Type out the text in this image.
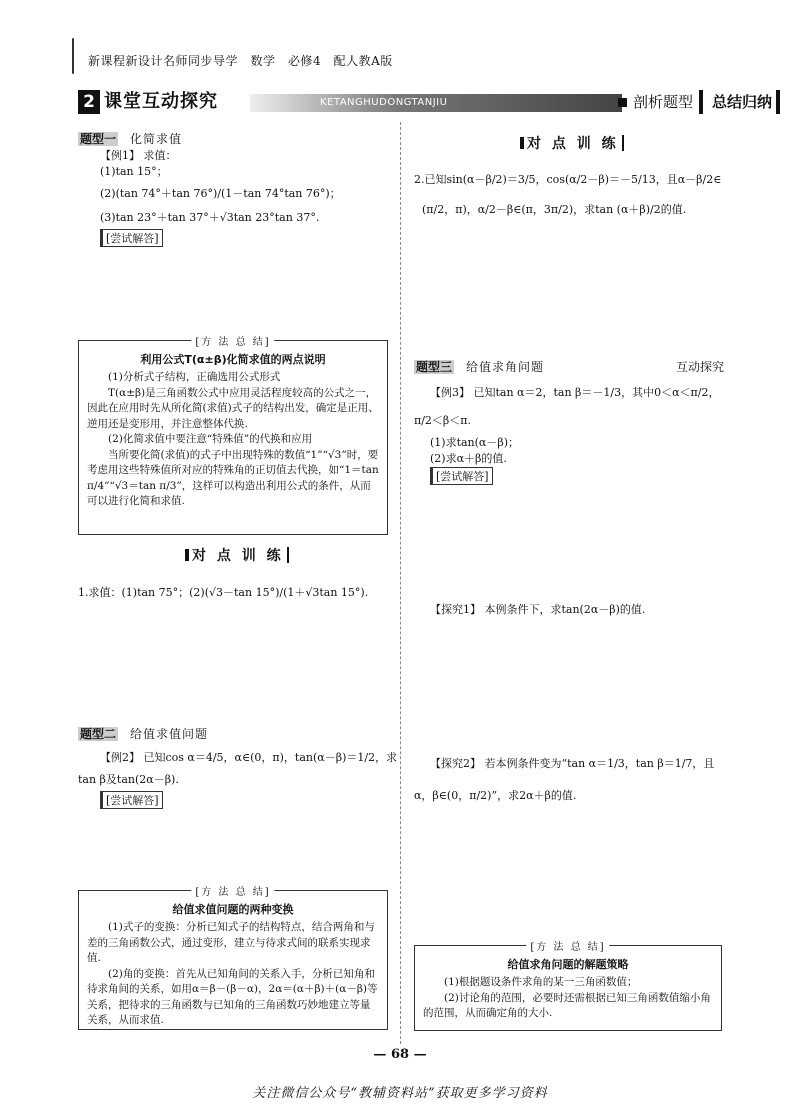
新课程新设计名师同步导学　数学　必修4　配人教A版
2 课堂互动探究	KETANGHUDONGTANJIU	剖析题型	总结归纳
题型一 化简求值
【例1】 求值：
(1)tan 15°；
(2)(tan 74°＋tan 76°)/(1－tan 74°tan 76°)；
(3)tan 23°＋tan 37°＋√3tan 23°tan 37°.
[尝试解答]
[方 法 总 结]
利用公式T(α±β)化简求值的两点说明

(1)分析式子结构，正确选用公式形式

T(α±β)是三角函数公式中应用灵活程度较高的公式之一，因此在应用时先从所化简(求值)式子的结构出发，确定是正用、逆用还是变形用，并注意整体代换.

(2)化简求值中要注意“特殊值”的代换和应用

当所要化简(求值)的式子中出现特殊的数值“1”“√3”时，要考虑用这些特殊值所对应的特殊角的正切值去代换，如“1＝tan π/4”“√3＝tan π/3”，这样可以构造出利用公式的条件，从而可以进行化简和求值.

对 点 训 练
1.求值：(1)tan 75°；(2)(√3－tan 15°)/(1＋√3tan 15°).
题型二 给值求值问题
【例2】 已知cos α＝4/5，α∈(0，π)，tan(α－β)＝1/2，求
tan β及tan(2α－β).
[尝试解答]
[方 法 总 结]
给值求值问题的两种变换

(1)式子的变换：分析已知式子的结构特点，结合两角和与差的三角函数公式，通过变形，建立与待求式间的联系实现求值.

(2)角的变换：首先从已知角间的关系入手，分析已知角和待求角间的关系，如用α＝β－(β－α)，2α＝(α＋β)＋(α－β)等关系，把待求的三角函数与已知角的三角函数巧妙地建立等量关系，从而求值.

对 点 训 练
2.已知sin(α－β/2)＝3/5，cos(α/2－β)＝－5/13，且α－β/2∈
(π/2，π)，α/2－β∈(π，3π/2)，求tan (α＋β)/2的值.
题型三 给值求角问题	互动探究
【例3】 已知tan α＝2，tan β＝－1/3，其中0＜α＜π/2，
π/2＜β＜π.
(1)求tan(α－β)；
(2)求α＋β的值.
[尝试解答]
【探究1】 本例条件下，求tan(2α－β)的值.
【探究2】 若本例条件变为“tan α＝1/3，tan β＝1/7，且
α，β∈(0，π/2)”，求2α＋β的值.
[方 法 总 结]
给值求角问题的解题策略

(1)根据题设条件求角的某一三角函数值；

(2)讨论角的范围，必要时还需根据已知三角函数值缩小角的范围，从而确定角的大小.

— 68 —
关注微信公众号“教辅资料站”获取更多学习资料
